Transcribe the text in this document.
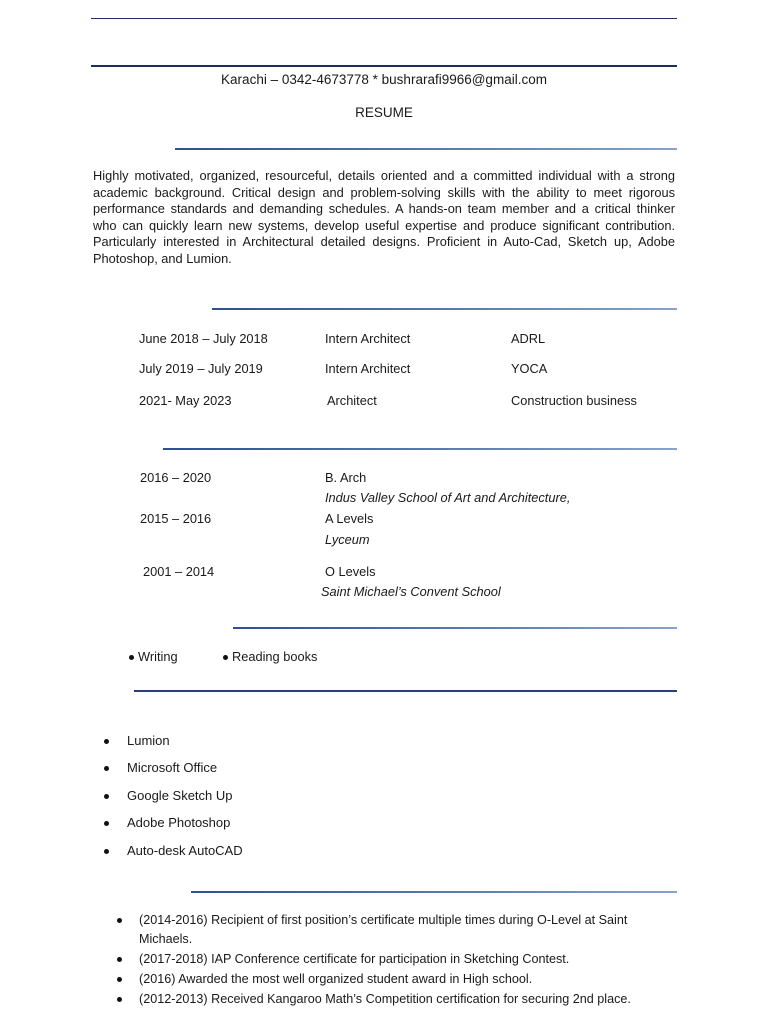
Karachi – 0342-4673778 * bushrarafi9966@gmail.com
RESUME
Highly motivated, organized, resourceful, details oriented and a committed individual with a strong academic background. Critical design and problem-solving skills with the ability to meet rigorous performance standards and demanding schedules. A hands-on team member and a critical thinker who can quickly learn new systems, develop useful expertise and produce significant contribution. Particularly interested in Architectural detailed designs. Proficient in Auto-Cad, Sketch up, Adobe Photoshop, and Lumion.
June 2018 – July 2018	Intern Architect	ADRL
July 2019 – July 2019	Intern Architect	YOCA
2021- May 2023	Architect	Construction business
2016 – 2020	B. Arch
Indus Valley School of Art and Architecture,
2015 – 2016	A Levels
Lyceum
2001 – 2014	O Levels
Saint Michael’s Convent School
Writing	Reading books
Lumion
Microsoft Office
Google Sketch Up
Adobe Photoshop
Auto-desk AutoCAD
(2014-2016) Recipient of first position’s certificate multiple times during O-Level at Saint Michaels.
(2017-2018) IAP Conference certificate for participation in Sketching Contest.
(2016) Awarded the most well organized student award in High school.
(2012-2013) Received Kangaroo Math’s Competition certification for securing 2nd place.
